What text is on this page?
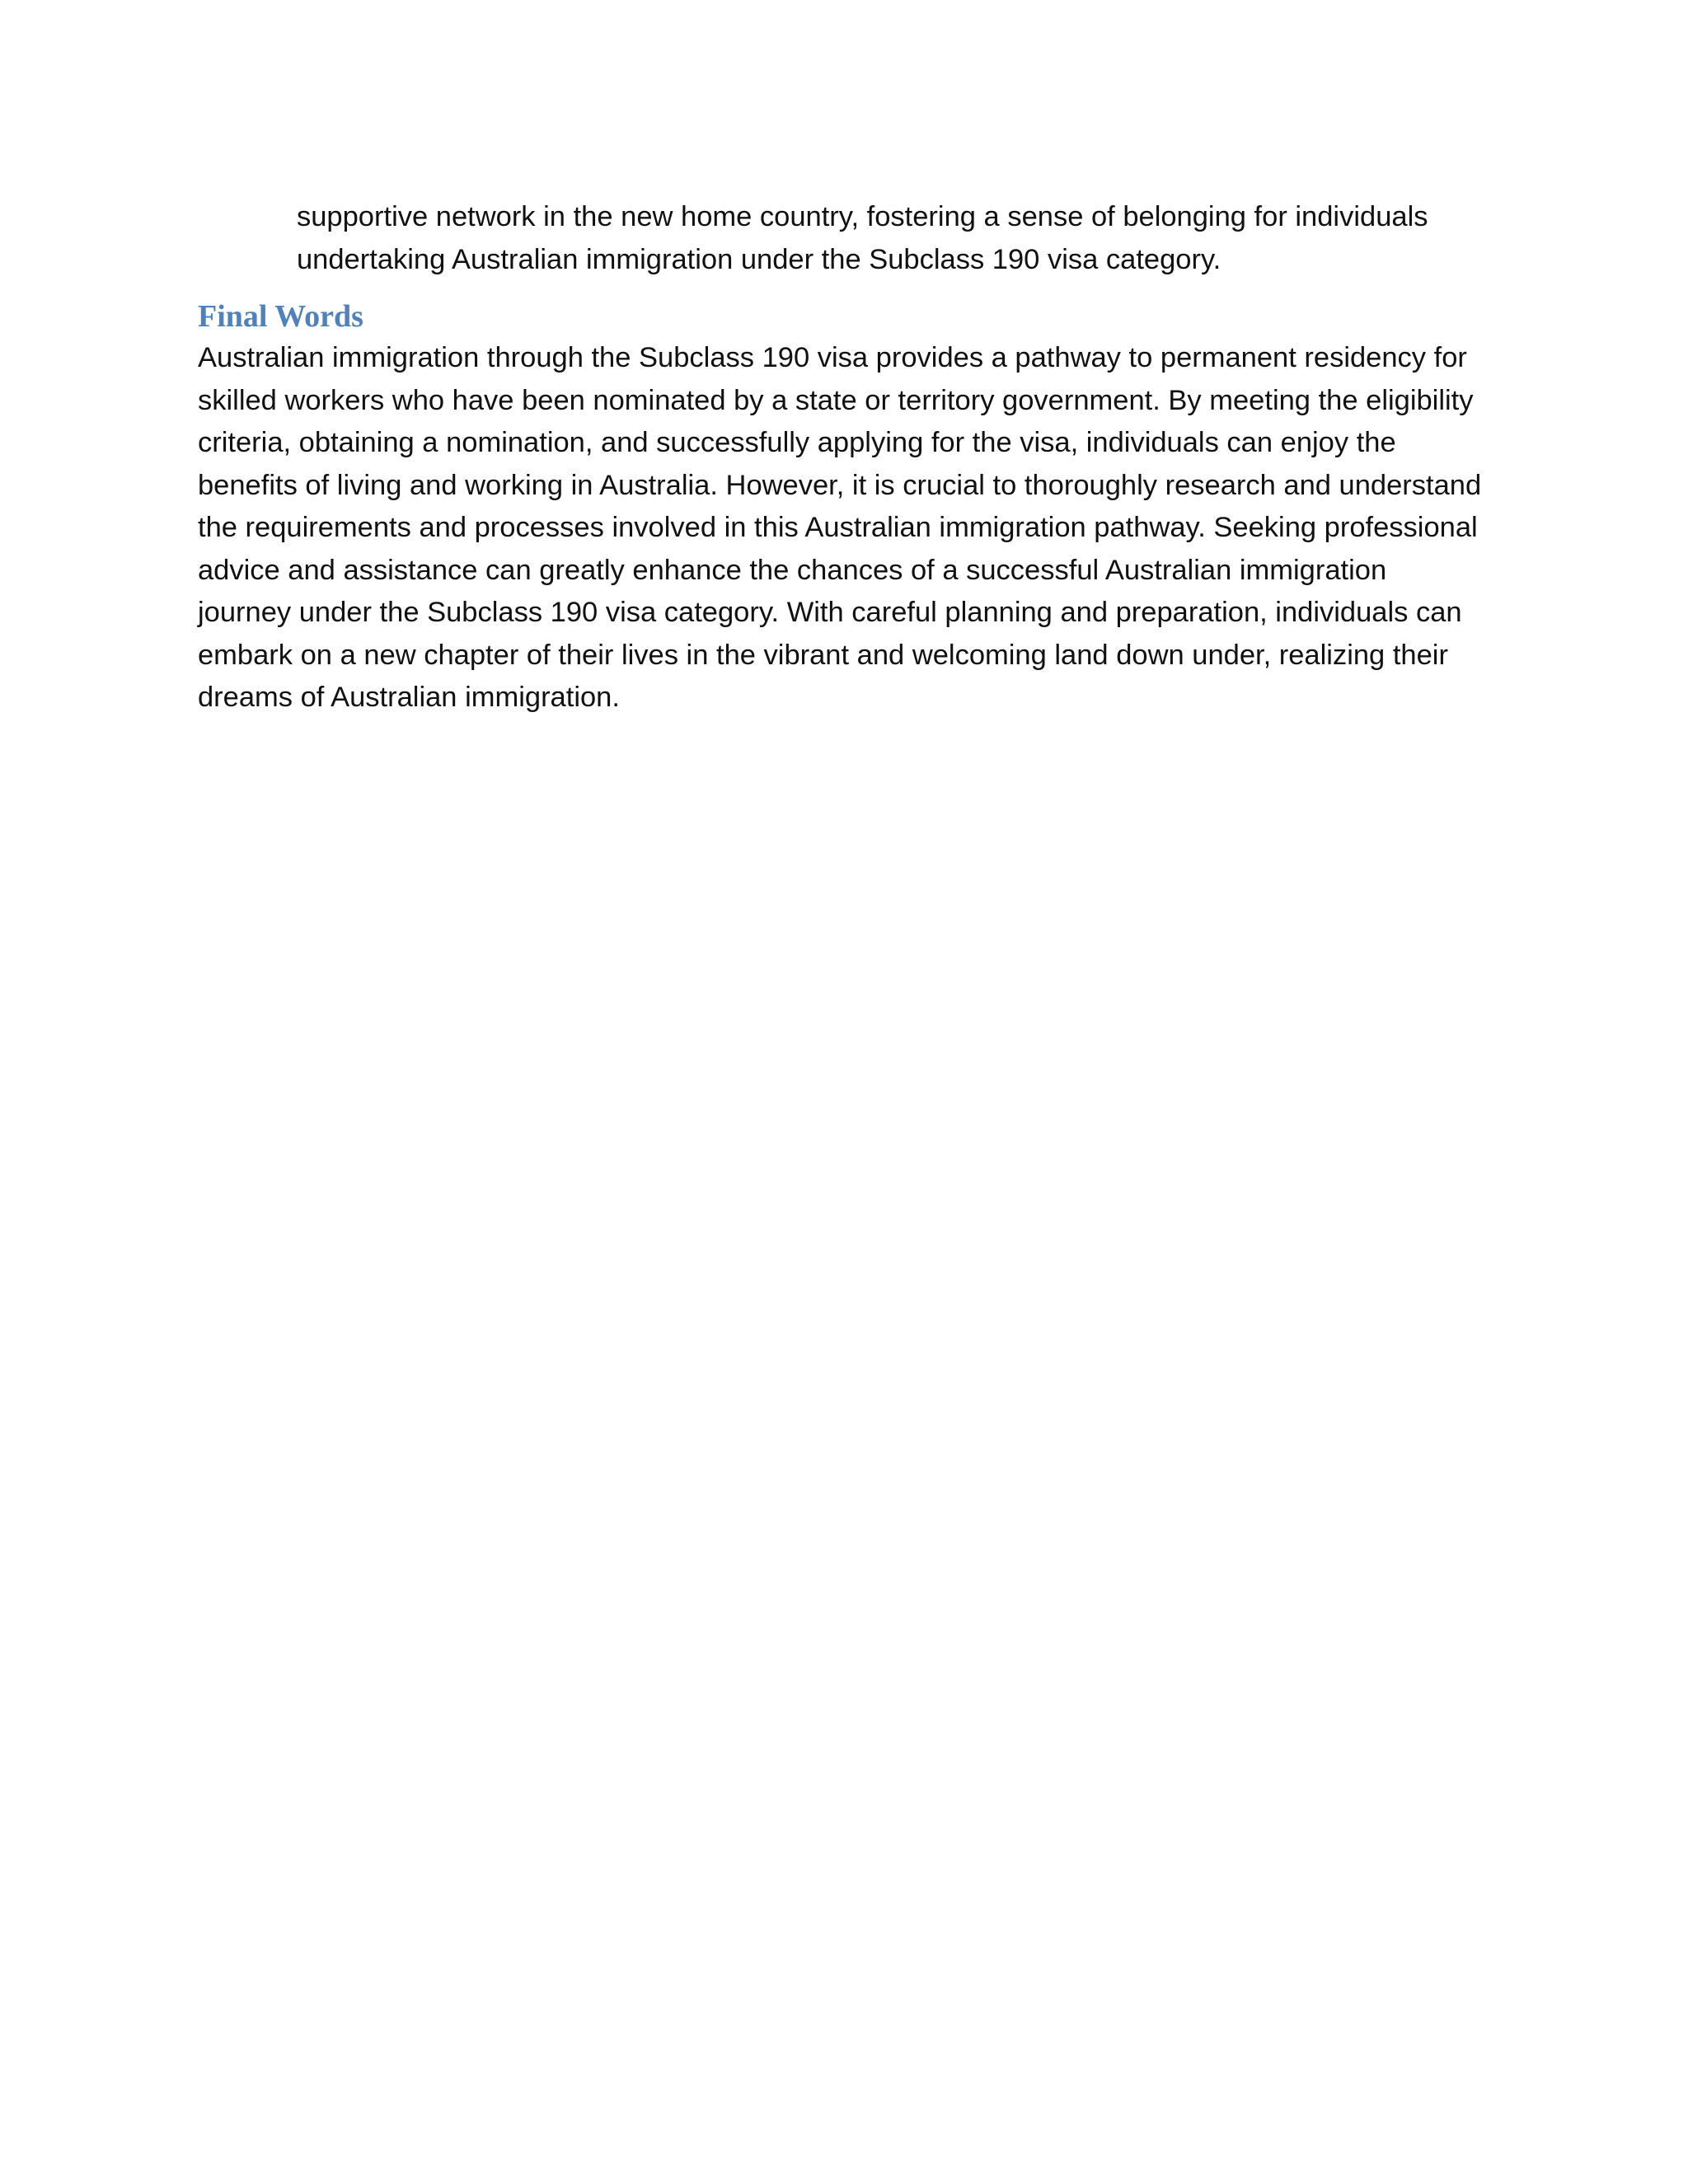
supportive network in the new home country, fostering a sense of belonging for individuals undertaking Australian immigration under the Subclass 190 visa category.

Final Words

Australian immigration through the Subclass 190 visa provides a pathway to permanent residency for skilled workers who have been nominated by a state or territory government. By meeting the eligibility criteria, obtaining a nomination, and successfully applying for the visa, individuals can enjoy the benefits of living and working in Australia. However, it is crucial to thoroughly research and understand the requirements and processes involved in this Australian immigration pathway. Seeking professional advice and assistance can greatly enhance the chances of a successful Australian immigration journey under the Subclass 190 visa category. With careful planning and preparation, individuals can embark on a new chapter of their lives in the vibrant and welcoming land down under, realizing their dreams of Australian immigration.
